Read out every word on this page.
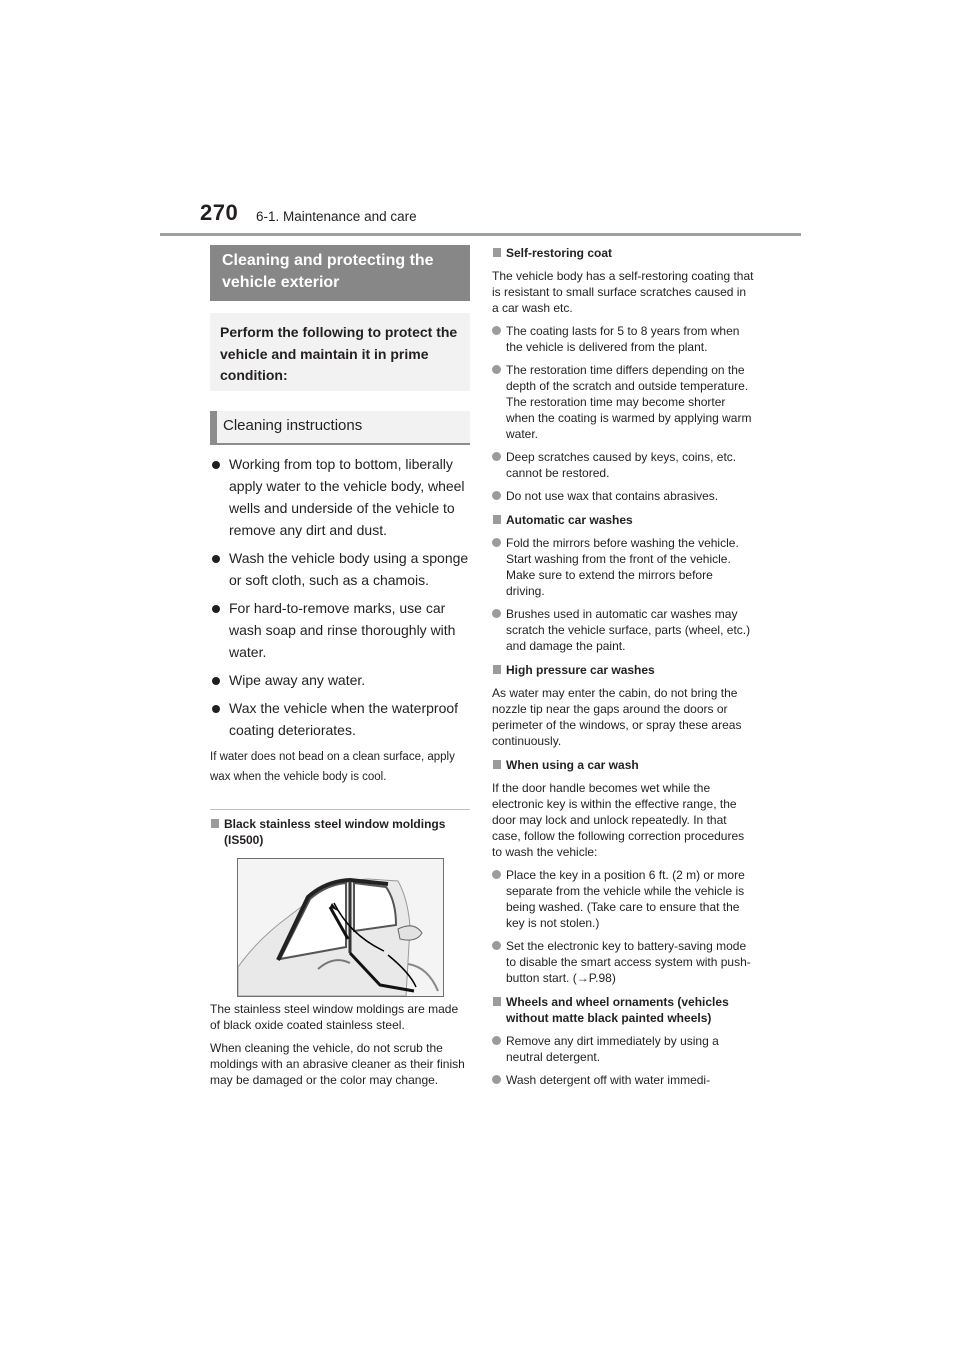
270 6-1. Maintenance and care
Cleaning and protecting the vehicle exterior
Perform the following to protect the vehicle and maintain it in prime condition:
Cleaning instructions
Working from top to bottom, liberally apply water to the vehicle body, wheel wells and underside of the vehicle to remove any dirt and dust.
Wash the vehicle body using a sponge or soft cloth, such as a chamois.
For hard-to-remove marks, use car wash soap and rinse thoroughly with water.
Wipe away any water.
Wax the vehicle when the waterproof coating deteriorates.
If water does not bead on a clean surface, apply wax when the vehicle body is cool.
Black stainless steel window moldings (IS500)
The stainless steel window moldings are made of black oxide coated stainless steel.
When cleaning the vehicle, do not scrub the moldings with an abrasive cleaner as their finish may be damaged or the color may change.
Self-restoring coat
The vehicle body has a self-restoring coating that is resistant to small surface scratches caused in a car wash etc.
The coating lasts for 5 to 8 years from when the vehicle is delivered from the plant.
The restoration time differs depending on the depth of the scratch and outside temperature.
The restoration time may become shorter when the coating is warmed by applying warm water.
Deep scratches caused by keys, coins, etc. cannot be restored.
Do not use wax that contains abrasives.
Automatic car washes
Fold the mirrors before washing the vehicle. Start washing from the front of the vehicle. Make sure to extend the mirrors before driving.
Brushes used in automatic car washes may scratch the vehicle surface, parts (wheel, etc.) and damage the paint.
High pressure car washes
As water may enter the cabin, do not bring the nozzle tip near the gaps around the doors or perimeter of the windows, or spray these areas continuously.
When using a car wash
If the door handle becomes wet while the electronic key is within the effective range, the door may lock and unlock repeatedly. In that case, follow the following correction procedures to wash the vehicle:
Place the key in a position 6 ft. (2 m) or more separate from the vehicle while the vehicle is being washed. (Take care to ensure that the key is not stolen.)
Set the electronic key to battery-saving mode to disable the smart access system with push-button start. (→P.98)
Wheels and wheel ornaments (vehicles without matte black painted wheels)
Remove any dirt immediately by using a neutral detergent.
Wash detergent off with water immedi-
